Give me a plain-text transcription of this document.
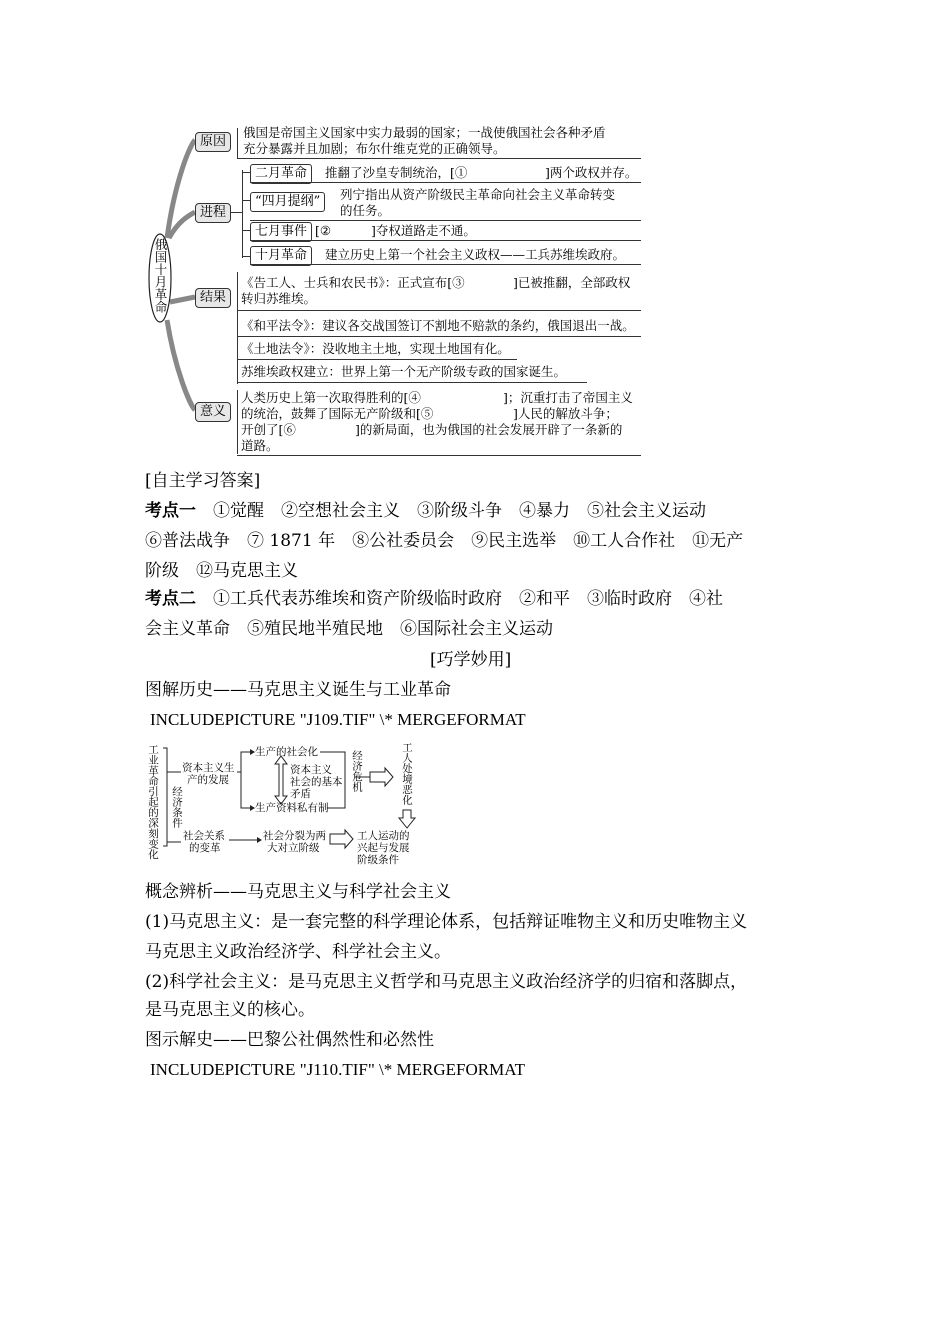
俄国十月革命
原因
俄国是帝国主义国家中实力最弱的国家；一战使俄国社会各种矛盾
充分暴露并且加剧；布尔什维克党的正确领导。
进程
二月革命	推翻了沙皇专制统治，[①	]两个政权并存。
“四月提纲”	列宁指出从资产阶级民主革命向社会主义革命转变
的任务。
七月事件 [②	]夺权道路走不通。
十月革命	建立历史上第一个社会主义政权——工兵苏维埃政府。
结果
《告工人、士兵和农民书》：正式宣布[③	]已被推翻，全部政权
转归苏维埃。
《和平法令》：建议各交战国签订不割地不赔款的条约，俄国退出一战。
《土地法令》：没收地主土地，实现土地国有化。
苏维埃政权建立：世界上第一个无产阶级专政的国家诞生。
意义
人类历史上第一次取得胜利的[④	]；沉重打击了帝国主义
的统治，鼓舞了国际无产阶级和[⑤	]人民的解放斗争；
开创了[⑥	]的新局面，也为俄国的社会发展开辟了一条新的
道路。
[自主学习答案]
考点一　 ①觉醒　②空想社会主义　③阶级斗争　④暴力　⑤社会主义运动
⑥普法战争　⑦ 1871 年　⑧公社委员会　⑨民主选举　⑩工人合作社　⑪无产
阶级　⑫马克思主义
考点二　 ①工兵代表苏维埃和资产阶级临时政府　②和平　③临时政府　④社
会主义革命　⑤殖民地半殖民地　⑥国际社会主义运动
[巧学妙用]
图解历史——马克思主义诞生与工业革命
INCLUDEPICTURE "J109.TIF" \* MERGEFORMAT
工业革命引起的深刻变化 资本主义生
产的发展
经济条件
生产的社会化
生产资料私有制
资本主义
社会的基本
矛盾
经济危机	工人处境恶化
社会关系
的变革
社会分裂为两
大对立阶级
工人运动的
兴起与发展
阶级条件
概念辨析——马克思主义与科学社会主义
(1)马克思主义：是一套完整的科学理论体系，包括辩证唯物主义和历史唯物主义
马克思主义政治经济学、科学社会主义。
(2)科学社会主义：是马克思主义哲学和马克思主义政治经济学的归宿和落脚点，
是马克思主义的核心。
图示解史——巴黎公社偶然性和必然性
INCLUDEPICTURE "J110.TIF" \* MERGEFORMAT
